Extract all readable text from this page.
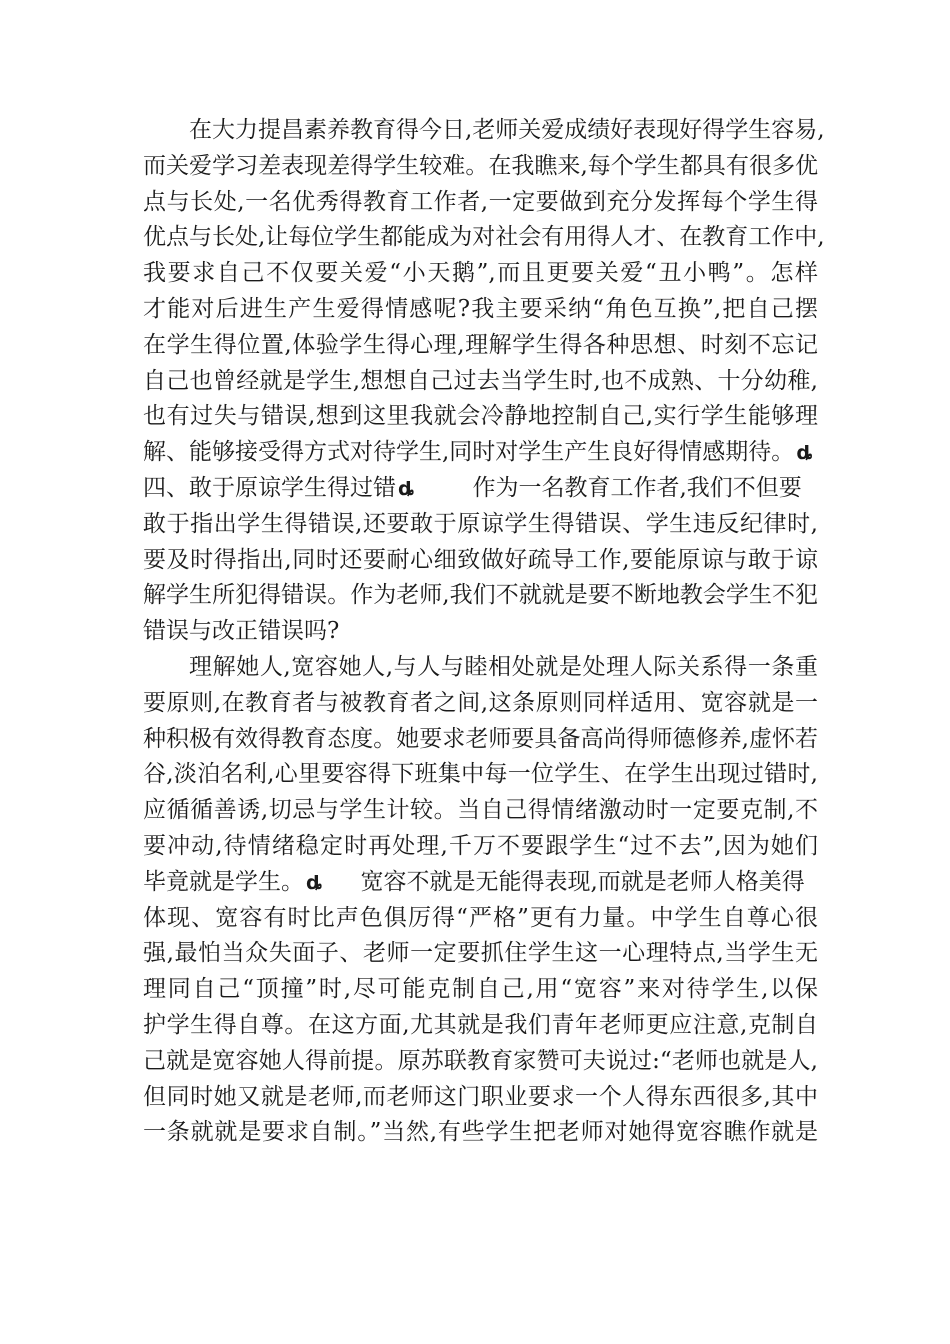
在大力提昌素养教育得今日,老师关爱成绩好表现好得学生容易,
而关爱学习差表现差得学生较难。在我瞧来,每个学生都具有很多优
点与长处,一名优秀得教育工作者,一定要做到充分发挥每个学生得
优点与长处,让每位学生都能成为对社会有用得人才、在教育工作中,
我要求自己不仅要关爱“小天鹅”,而且更要关爱“丑小鸭”。怎样
才能对后进生产生爱得情感呢?我主要采纳“角色互换”,把自己摆
在学生得位置,体验学生得心理,理解学生得各种思想、时刻不忘记
自己也曾经就是学生,想想自己过去当学生时,也不成熟、十分幼稚,
也有过失与错误,想到这里我就会冷静地控制自己,实行学生能够理
解、能够接受得方式对待学生,同时对学生产生良好得情感期待。 ȡ
四、敢于原谅学生得过错 ȡ	作为一名教育工作者,我们不但要
敢于指出学生得错误,还要敢于原谅学生得错误、学生违反纪律时,
要及时得指出,同时还要耐心细致做好疏导工作,要能原谅与敢于谅
解学生所犯得错误。作为老师,我们不就就是要不断地教会学生不犯
错误与改正错误吗?
理解她人,宽容她人,与人与睦相处就是处理人际关系得一条重
要原则,在教育者与被教育者之间,这条原则同样适用、宽容就是一
种积极有效得教育态度。她要求老师要具备高尚得师德修养,虚怀若
谷,淡泊名利,心里要容得下班集中每一位学生、在学生出现过错时,
应循循善诱,切忌与学生计较。当自己得情绪激动时一定要克制,不
要冲动,待情绪稳定时再处理,千万不要跟学生“过不去”,因为她们
毕竟就是学生。 ȡ 宽容不就是无能得表现,而就是老师人格美得
体现、宽容有时比声色俱厉得“严格”更有力量。中学生自尊心很
强,最怕当众失面子、老师一定要抓住学生这一心理特点,当学生无
理同自己“顶撞”时,尽可能克制自己,用“宽容”来对待学生,以保
护学生得自尊。在这方面,尤其就是我们青年老师更应注意,克制自
己就是宽容她人得前提。原苏联教育家赞可夫说过:“老师也就是人,
但同时她又就是老师,而老师这门职业要求一个人得东西很多,其中
一条就就是要求自制。”当然,有些学生把老师对她得宽容瞧作就是
